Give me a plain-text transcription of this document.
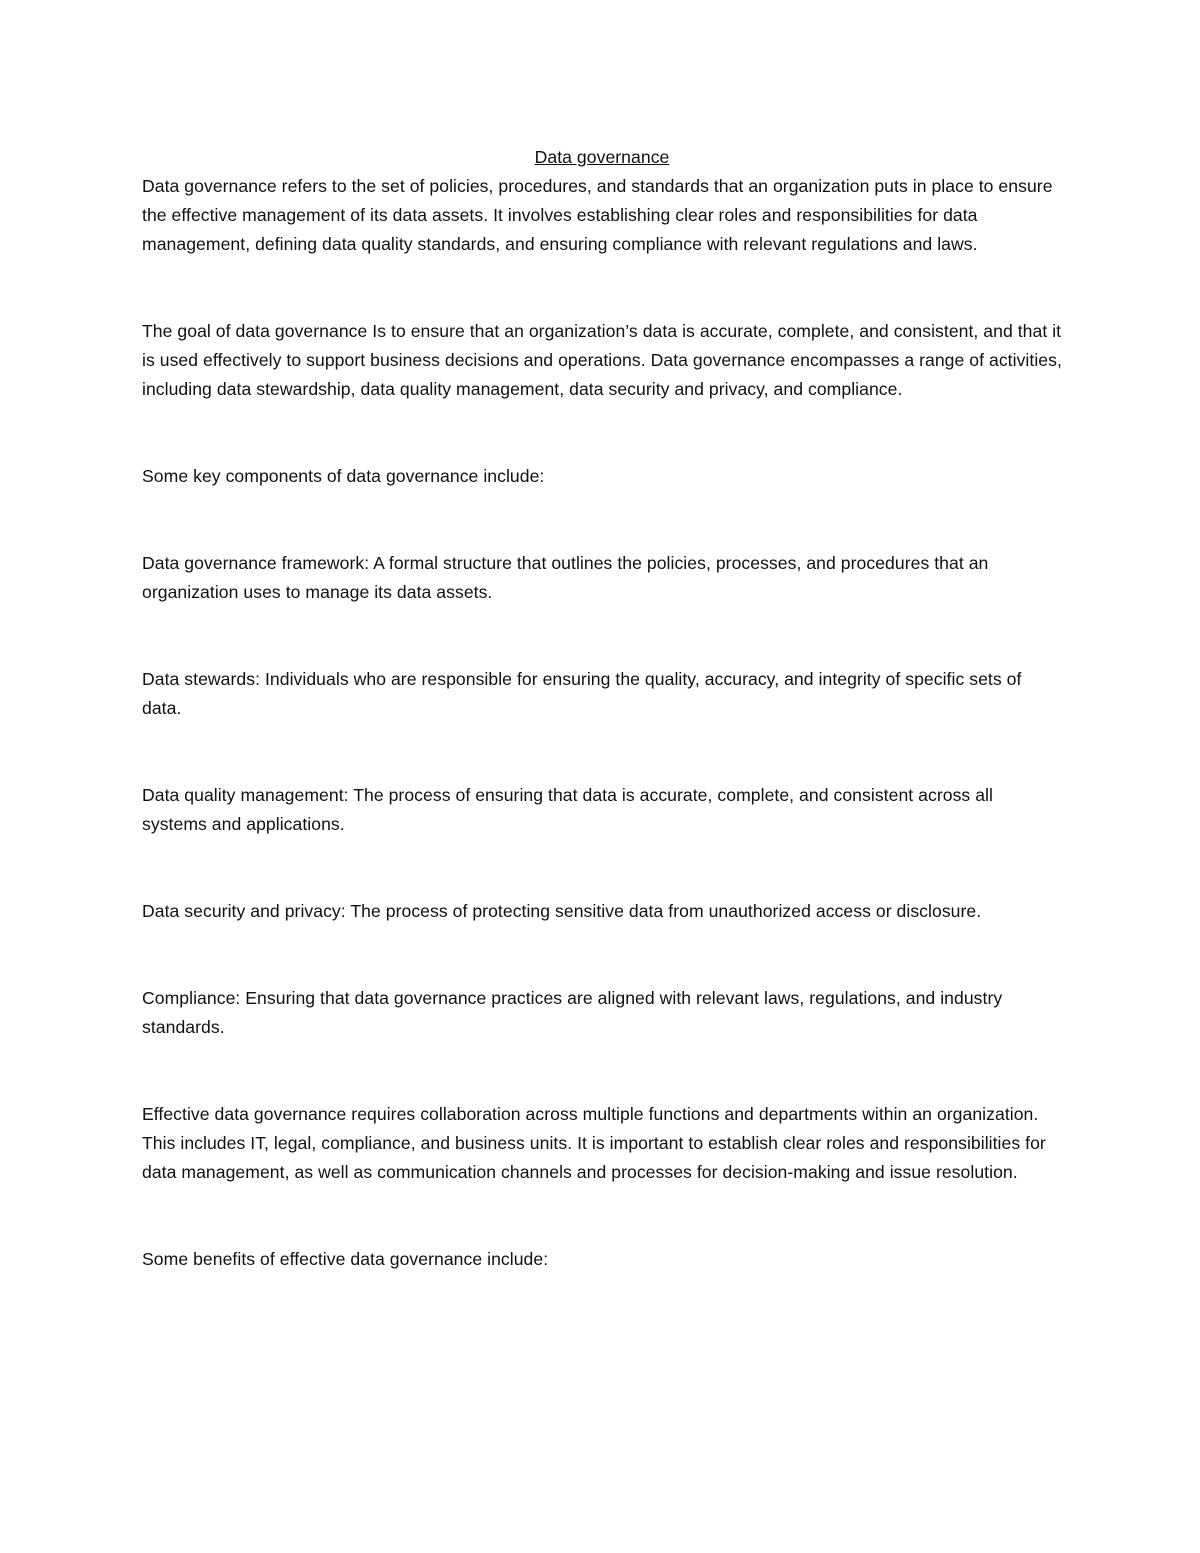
Data governance

Data governance refers to the set of policies, procedures, and standards that an organization puts in place to ensure the effective management of its data assets. It involves establishing clear roles and responsibilities for data management, defining data quality standards, and ensuring compliance with relevant regulations and laws.

The goal of data governance Is to ensure that an organization’s data is accurate, complete, and consistent, and that it is used effectively to support business decisions and operations. Data governance encompasses a range of activities, including data stewardship, data quality management, data security and privacy, and compliance.

Some key components of data governance include:

Data governance framework: A formal structure that outlines the policies, processes, and procedures that an organization uses to manage its data assets.

Data stewards: Individuals who are responsible for ensuring the quality, accuracy, and integrity of specific sets of data.

Data quality management: The process of ensuring that data is accurate, complete, and consistent across all systems and applications.

Data security and privacy: The process of protecting sensitive data from unauthorized access or disclosure.

Compliance: Ensuring that data governance practices are aligned with relevant laws, regulations, and industry standards.

Effective data governance requires collaboration across multiple functions and departments within an organization. This includes IT, legal, compliance, and business units. It is important to establish clear roles and responsibilities for data management, as well as communication channels and processes for decision-making and issue resolution.

Some benefits of effective data governance include:
